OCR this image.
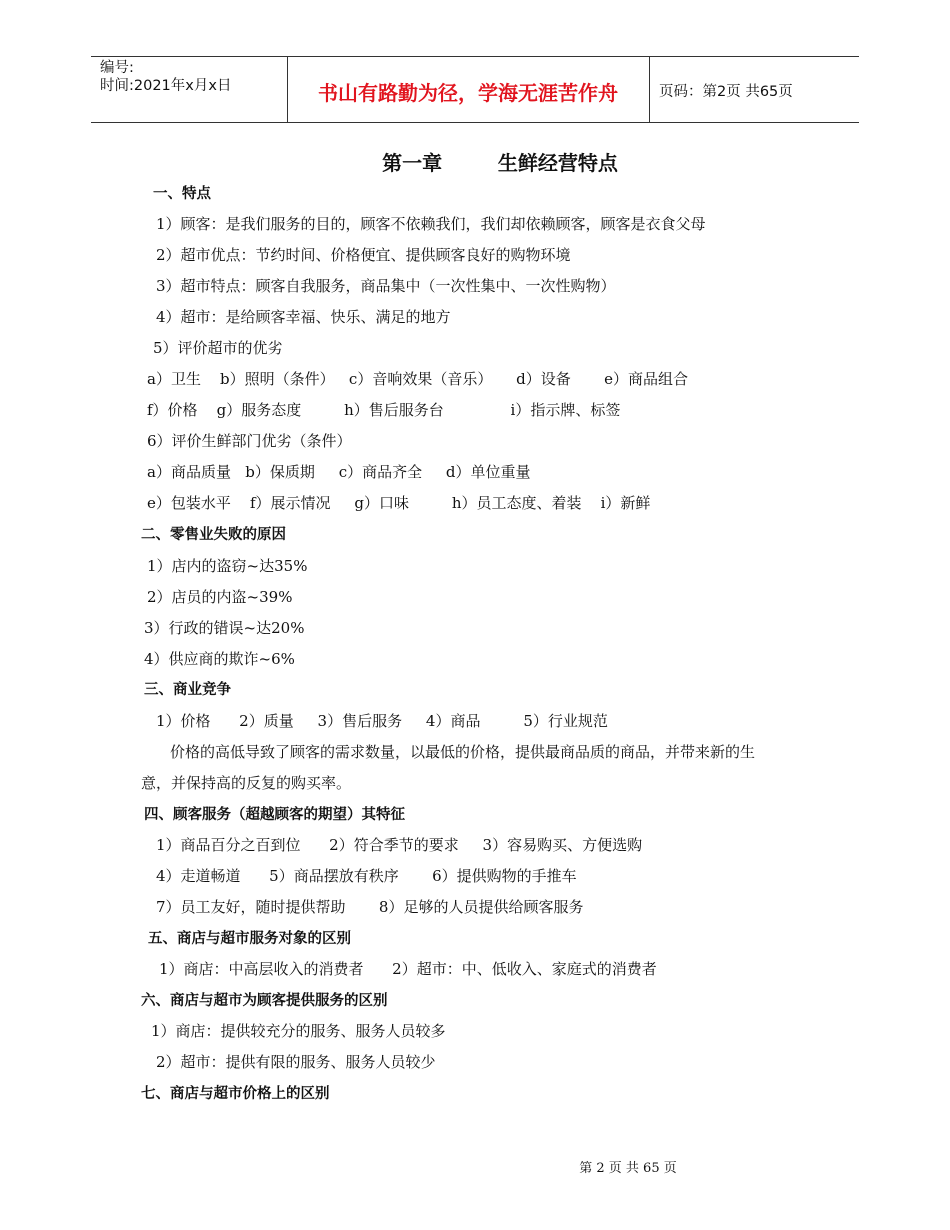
编号:
时间:2021年x月x日	书山有路勤为径，学海无涯苦作舟	页码：第2页 共65页
第一章        生鲜经营特点
一、特点
1）顾客：是我们服务的目的，顾客不依赖我们，我们却依赖顾客，顾客是衣食父母
2）超市优点：节约时间、价格便宜、提供顾客良好的购物环境
3）超市特点：顾客自我服务，商品集中（一次性集中、一次性购物）
4）超市：是给顾客幸福、快乐、满足的地方
5）评价超市的优劣
a）卫生    b）照明（条件）   c）音响效果（音乐）     d）设备       e）商品组合
f）价格    g）服务态度         h）售后服务台              i）指示牌、标签
6）评价生鲜部门优劣（条件）
a）商品质量   b）保质期     c）商品齐全     d）单位重量
e）包装水平    f）展示情况     g）口味         h）员工态度、着装    i）新鲜
二、零售业失败的原因
1）店内的盗窃~达35%
2）店员的内盗~39%
3）行政的错误~达20%
4）供应商的欺诈~6%
三、商业竞争
1）价格      2）质量     3）售后服务     4）商品         5）行业规范
价格的高低导致了顾客的需求数量，以最低的价格，提供最商品质的商品，并带来新的生
意，并保持高的反复的购买率。
四、顾客服务（超越顾客的期望）其特征
1）商品百分之百到位      2）符合季节的要求     3）容易购买、方便选购
4）走道畅道      5）商品摆放有秩序       6）提供购物的手推车
7）员工友好，随时提供帮助       8）足够的人员提供给顾客服务
五、商店与超市服务对象的区别
1）商店：中高层收入的消费者      2）超市：中、低收入、家庭式的消费者
六、商店与超市为顾客提供服务的区别
1）商店：提供较充分的服务、服务人员较多
2）超市：提供有限的服务、服务人员较少
七、商店与超市价格上的区别
第 2 页 共 65 页
